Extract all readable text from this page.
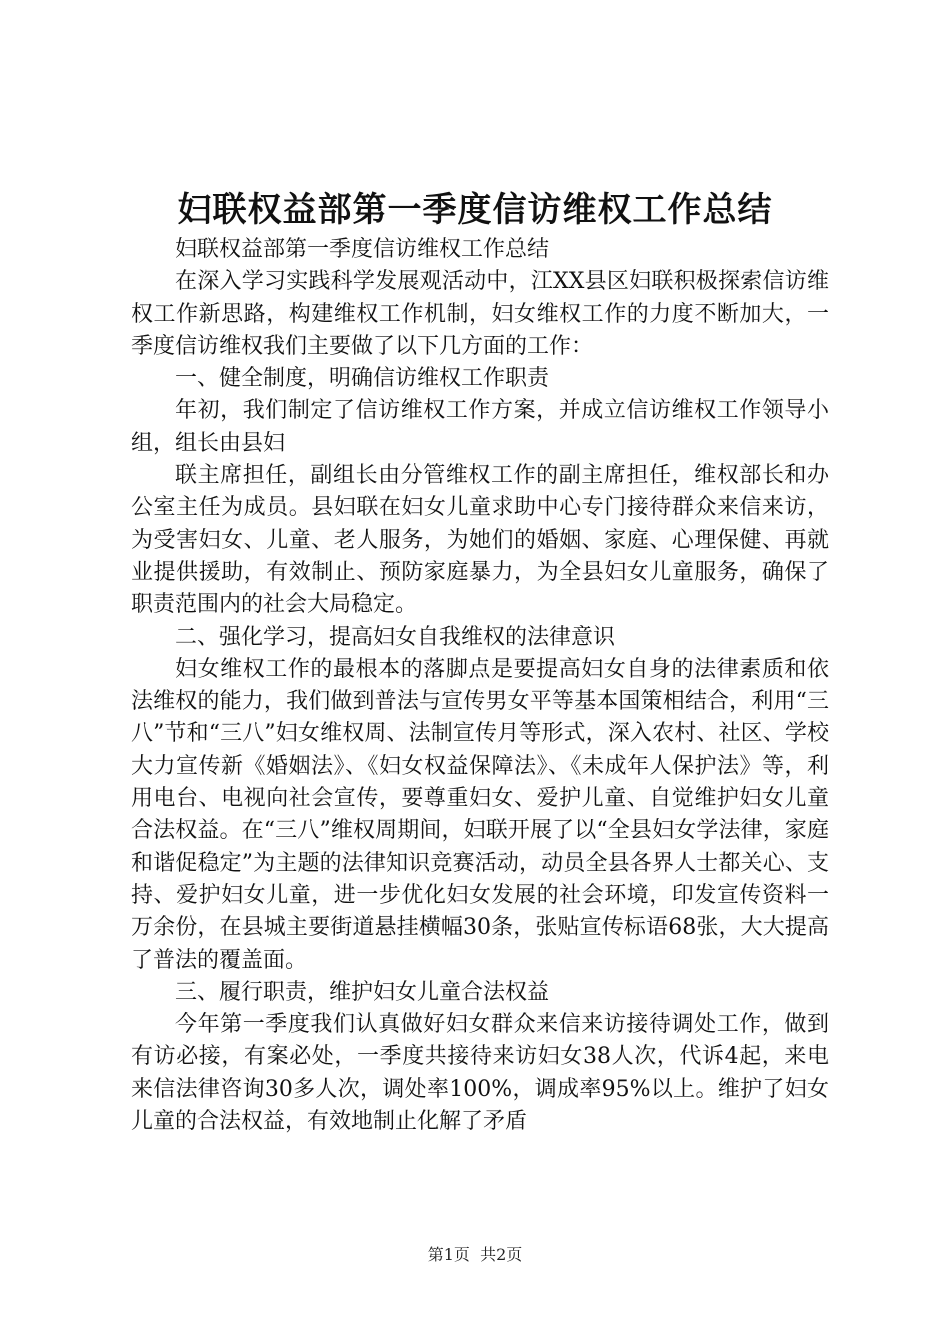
妇联权益部第一季度信访维权工作总结

妇联权益部第一季度信访维权工作总结

在深入学习实践科学发展观活动中，江XX县区妇联积极探索信访维权工作新思路，构建维权工作机制，妇女维权工作的力度不断加大，一季度信访维权我们主要做了以下几方面的工作：

一、健全制度，明确信访维权工作职责

年初，我们制定了信访维权工作方案，并成立信访维权工作领导小组，组长由县妇

联主席担任，副组长由分管维权工作的副主席担任，维权部长和办公室主任为成员。县妇联在妇女儿童求助中心专门接待群众来信来访，为受害妇女、儿童、老人服务，为她们的婚姻、家庭、心理保健、再就业提供援助，有效制止、预防家庭暴力，为全县妇女儿童服务，确保了职责范围内的社会大局稳定。

二、强化学习，提高妇女自我维权的法律意识

妇女维权工作的最根本的落脚点是要提高妇女自身的法律素质和依法维权的能力，我们做到普法与宣传男女平等基本国策相结合，利用“三八”节和“三八”妇女维权周、法制宣传月等形式，深入农村、社区、学校大力宣传新《婚姻法》、《妇女权益保障法》、《未成年人保护法》等，利用电台、电视向社会宣传，要尊重妇女、爱护儿童、自觉维护妇女儿童合法权益。在“三八”维权周期间，妇联开展了以“全县妇女学法律，家庭和谐促稳定”为主题的法律知识竞赛活动，动员全县各界人士都关心、支持、爱护妇女儿童，进一步优化妇女发展的社会环境，印发宣传资料一万余份，在县城主要街道悬挂横幅30条，张贴宣传标语68张，大大提高了普法的覆盖面。

三、履行职责，维护妇女儿童合法权益

今年第一季度我们认真做好妇女群众来信来访接待调处工作，做到有访必接，有案必处，一季度共接待来访妇女38人次，代诉4起，来电来信法律咨询30多人次，调处率100%，调成率95%以上。维护了妇女儿童的合法权益，有效地制止化解了矛盾

第1页  共2页
